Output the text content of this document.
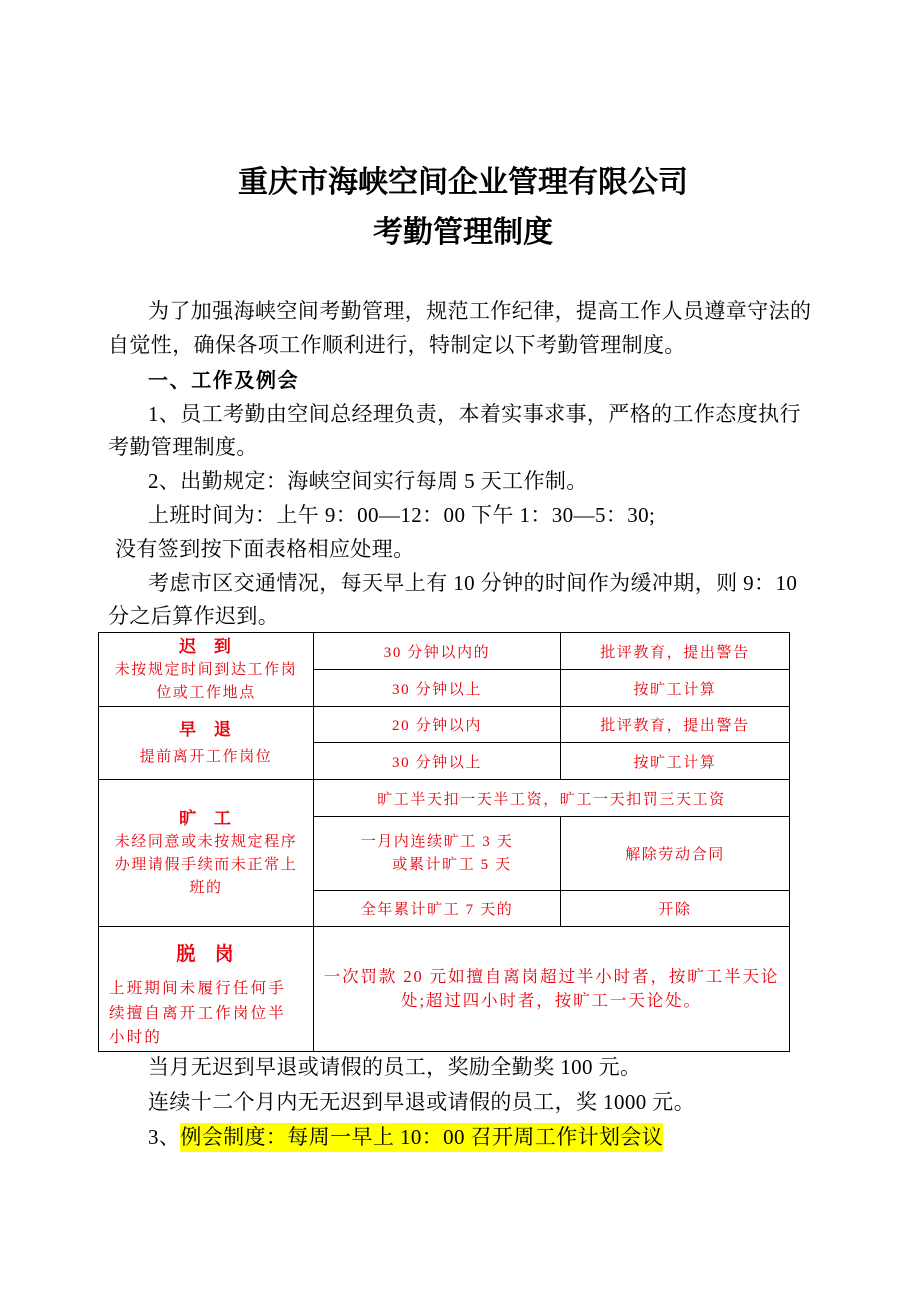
重庆市海峡空间企业管理有限公司
考勤管理制度
为了加强海峡空间考勤管理，规范工作纪律，提高工作人员遵章守法的
自觉性，确保各项工作顺利进行，特制定以下考勤管理制度。
一、工作及例会
1、员工考勤由空间总经理负责，本着实事求事，严格的工作态度执行
考勤管理制度。
2、出勤规定：海峡空间实行每周 5 天工作制。
上班时间为：上午 9：00—12：00 下午 1：30—5：30;
没有签到按下面表格相应处理。
考虑市区交通情况，每天早上有 10 分钟的时间作为缓冲期，则 9：10
分之后算作迟到。
迟  到
未按规定时间到达工作岗
位或工作地点	30 分钟以内的	批评教育，提出警告
	30 分钟以上	按旷工计算

早  退
提前离开工作岗位	20 分钟以内	批评教育，提出警告
	30 分钟以上	按旷工计算

旷  工
未经同意或未按规定程序
办理请假手续而未正常上
班的	旷工半天扣一天半工资，旷工一天扣罚三天工资	

	一月内连续旷工 3 天
或累计旷工 5 天	解除劳动合同
	全年累计旷工 7 天的	开除

脱  岗
上班期间未履行任何手
续擅自离开工作岗位半
小时的	一次罚款 20 元如擅自离岗超过半小时者，按旷工半天论
处;超过四小时者，按旷工一天论处。	
当月无迟到早退或请假的员工，奖励全勤奖 100 元。
连续十二个月内无无迟到早退或请假的员工，奖 1000 元。
3、例会制度：每周一早上 10：00 召开周工作计划会议
